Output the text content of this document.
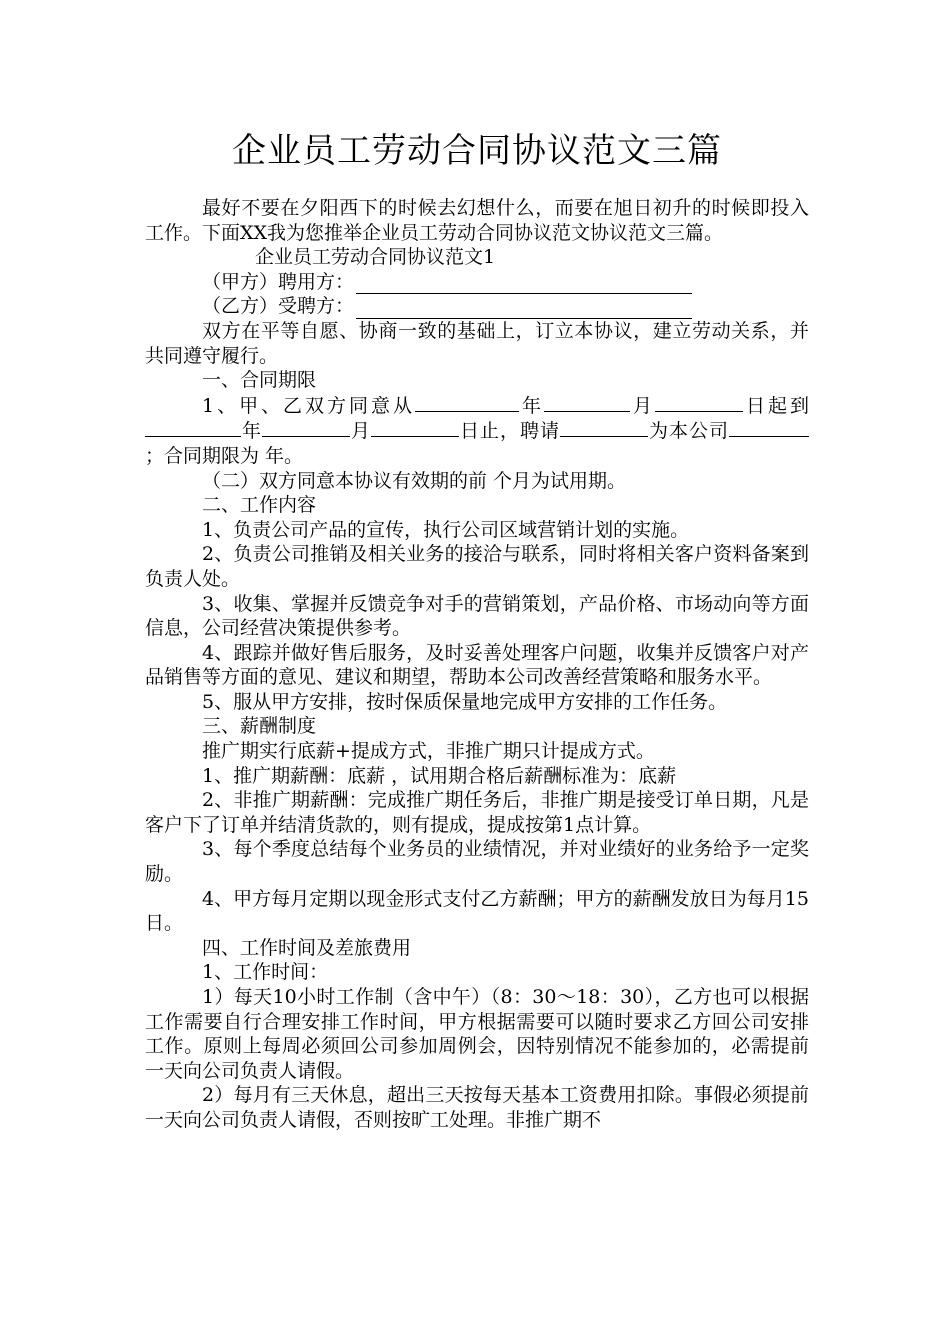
企业员工劳动合同协议范文三篇

最好不要在夕阳西下的时候去幻想什么，而要在旭日初升的时候即投入工作。下面XX我为您推举企业员工劳动合同协议范文协议范文三篇。

企业员工劳动合同协议范文1

（甲方）聘用方：
（乙方）受聘方：

双方在平等自愿、协商一致的基础上，订立本协议，建立劳动关系，并共同遵守履行。

一、合同期限

1、甲、乙双方同意从	年	月	日起到年	月	日止，聘请	为本公司；合同期限为 年。

（二）双方同意本协议有效期的前 个月为试用期。

二、工作内容

1、负责公司产品的宣传，执行公司区域营销计划的实施。

2、负责公司推销及相关业务的接洽与联系，同时将相关客户资料备案到负责人处。

3、收集、掌握并反馈竞争对手的营销策划，产品价格、市场动向等方面信息，公司经营决策提供参考。

4、跟踪并做好售后服务，及时妥善处理客户问题，收集并反馈客户对产品销售等方面的意见、建议和期望，帮助本公司改善经营策略和服务水平。

5、服从甲方安排，按时保质保量地完成甲方安排的工作任务。

三、薪酬制度

推广期实行底薪+提成方式，非推广期只计提成方式。

1、推广期薪酬：底薪 ，试用期合格后薪酬标准为：底薪

2、非推广期薪酬：完成推广期任务后，非推广期是接受订单日期，凡是客户下了订单并结清货款的，则有提成，提成按第1点计算。

3、每个季度总结每个业务员的业绩情况，并对业绩好的业务给予一定奖励。

4、甲方每月定期以现金形式支付乙方薪酬；甲方的薪酬发放日为每月15日。

四、工作时间及差旅费用

1、工作时间：

1）每天10小时工作制（含中午）（8：30～18：30），乙方也可以根据工作需要自行合理安排工作时间，甲方根据需要可以随时要求乙方回公司安排工作。原则上每周必须回公司参加周例会，因特别情况不能参加的，必需提前一天向公司负责人请假。

2）每月有三天休息，超出三天按每天基本工资费用扣除。事假必须提前一天向公司负责人请假，否则按旷工处理。非推广期不
